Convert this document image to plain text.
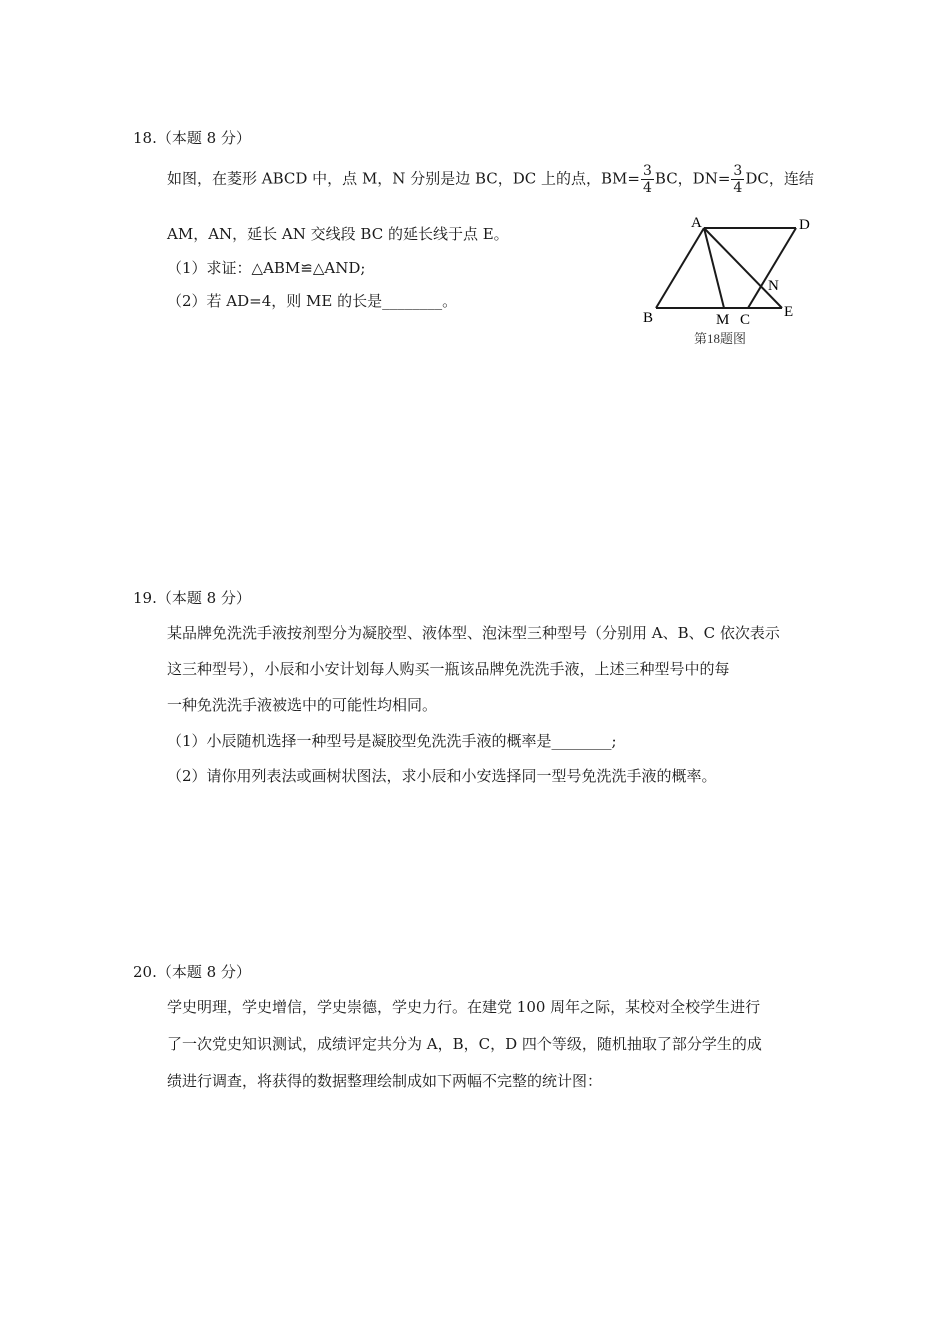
18.（本题 8 分）
如图，在菱形 ABCD 中，点 M，N 分别是边 BC，DC 上的点，$BM= \frac{3}{4}$ BC，$DN= \frac{3}{4}$ DC，连结
AM，AN，延长 AN 交线段 BC 的延长线于点 E。
（1）求证：△ABM≌△AND;
（2）若 AD=4，则 ME 的长是________。
A	D
N
B	M C E
第18题图
19.（本题 8 分）
某品牌免洗洗手液按剂型分为凝胶型、液体型、泡沫型三种型号（分别用 A、B、C 依次表示
这三种型号），小辰和小安计划每人购买一瓶该品牌免洗洗手液，上述三种型号中的每
一种免洗洗手液被选中的可能性均相同。
（1）小辰随机选择一种型号是凝胶型免洗洗手液的概率是________;
（2）请你用列表法或画树状图法，求小辰和小安选择同一型号免洗洗手液的概率。
20.（本题 8 分）
学史明理，学史增信，学史崇德，学史力行。在建党 100 周年之际，某校对全校学生进行
了一次党史知识测试，成绩评定共分为 A，B，C，D 四个等级，随机抽取了部分学生的成
绩进行调查，将获得的数据整理绘制成如下两幅不完整的统计图：
